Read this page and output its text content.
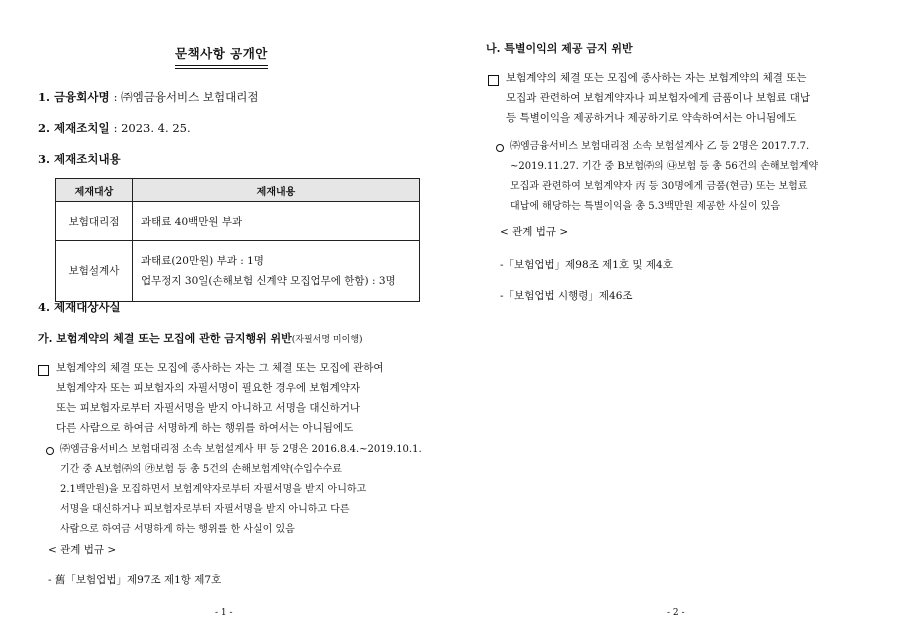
문책사항 공개안
1. 금융회사명 : ㈜엠금융서비스 보험대리점
2. 제재조치일 : 2023. 4. 25.
3. 제재조치내용
제재대상	제재내용
보험대리점	과태료 40백만원 부과

보험설계사	과태료(20만원) 부과 : 1명
업무정지 30일(손해보험 신계약 모집업무에 한함) : 3명
4. 제재대상사실
가. 보험계약의 체결 또는 모집에 관한 금지행위 위반(자필서명 미이행)
보험계약의 체결 또는 모집에 종사하는 자는 그 체결 또는 모집에 관하여
보험계약자 또는 피보험자의 자필서명이 필요한 경우에 보험계약자
또는 피보험자로부터 자필서명을 받지 아니하고 서명을 대신하거나
다른 사람으로 하여금 서명하게 하는 행위를 하여서는 아니됨에도
㈜엠금융서비스 보험대리점 소속 보험설계사 甲 등 2명은 2016.8.4.~2019.10.1.
기간 중 A보험㈜의 ㉮보험 등 총 5건의 손해보험계약(수입수수료
2.1백만원)을 모집하면서 보험계약자로부터 자필서명을 받지 아니하고
서명을 대신하거나 피보험자로부터 자필서명을 받지 아니하고 다른
사람으로 하여금 서명하게 하는 행위를 한 사실이 있음
< 관계 법규 >
- 舊「보험업법」제97조 제1항 제7호
- 1 -
나. 특별이익의 제공 금지 위반
보험계약의 체결 또는 모집에 종사하는 자는 보험계약의 체결 또는
모집과 관련하여 보험계약자나 피보험자에게 금품이나 보험료 대납
등 특별이익을 제공하거나 제공하기로 약속하여서는 아니됨에도
㈜엠금융서비스 보험대리점 소속 보험설계사 乙 등 2명은 2017.7.7.
~2019.11.27. 기간 중 B보험㈜의 ㉯보험 등 총 56건의 손해보험계약
모집과 관련하여 보험계약자 丙 등 30명에게 금품(현금) 또는 보험료
대납에 해당하는 특별이익을 총 5.3백만원 제공한 사실이 있음
< 관계 법규 >
-「보험업법」제98조 제1호 및 제4호
-「보험업법 시행령」제46조
- 2 -
